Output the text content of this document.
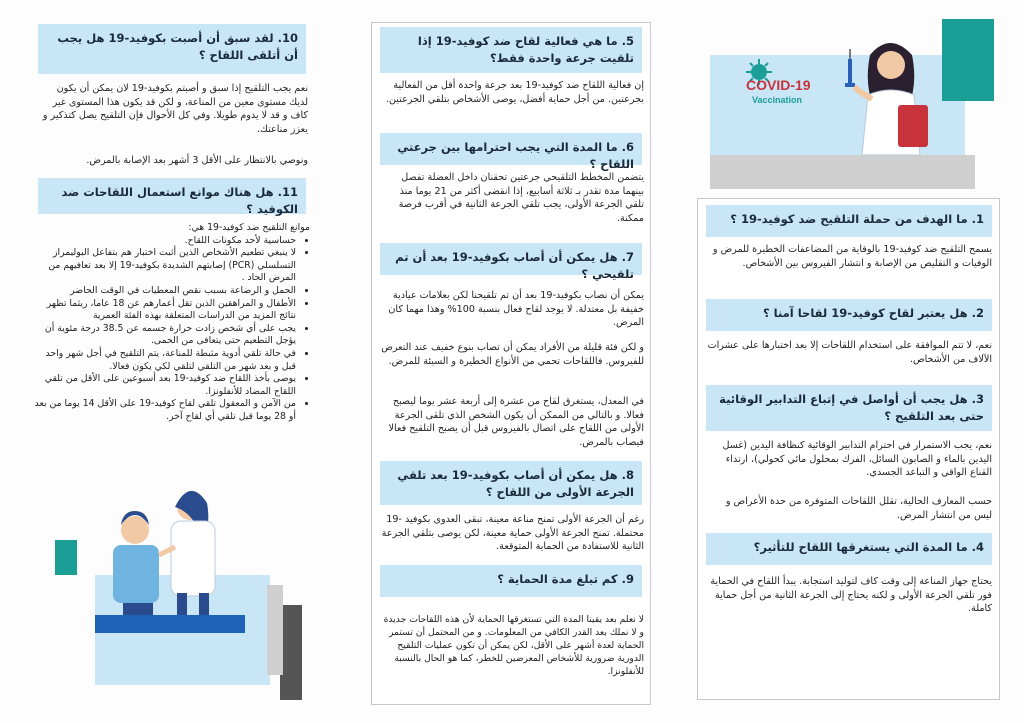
10. لقد سبق أن أصبت بكوفيد-19 هل يجب أن أتلقى اللقاح ؟
نعم يجب التلقيح إذا سبق و أصبتم بكوفيد-19 لان يمكن أن يكون لديك مستوى معين من المناعة، و لكن قد يكون هذا المستوى غير كاف و قد لا يدوم طويلا. وفي كل الأحوال فإن التلقيح يصل كتذكير و يعزز مناعتك.
ونوصي بالانتظار على الأقل 3 أشهر بعد الإصابة بالمرض.
11. هل هناك موانع استعمال اللقاحات ضد الكوفيد ؟
موانع التلقيح ضد كوفيد-19 هي:
• حساسية لأحد مكونات اللقاح.
• لا ينبغي تطعيم الأشخاص الذين أثبت اختبار هم بتفاعل البوليمراز التسلسلي (PCR) إصابتهم الشديدة بكوفيد-19 إلا بعد تعافيهم من المرض الحاد .
• الحمل و الرضاعة بسبب نقص المعطيات في الوقت الحاضر
• الأطفال و المراهقين الذين تقل أعمارهم عن 18 عاما، ريثما تظهر نتائج المزيد من الدراسات المتعلقة بهذه الفئة العمرية
• يجب على أي شخص زادت حرارة جسمه عن 38.5 درجة مئوية أن يؤجل التطعيم حتى يتعافى من الحمى.
• في حالة تلقي أدوية مثبطة للمناعة، يتم التلقيح في أجل شهر واحد قبل و بعد شهر من التلقي لتلقي لكي يكون فعالا.
• يوصى بأخذ اللقاح ضد كوفيد-19 بعد أسبوعين على الأقل من تلقي اللقاح المضاد للأنفلونزا.
• من الآمن و المعقول تلقي لقاح كوفيد-19 على الأقل 14 يوما من بعد أو 28 يوما قبل تلقي أي لقاح آخر.
5. ما هي فعالية لقاح ضد كوفيد-19 إذا تلقيت جرعة واحدة فقط؟
إن فعالية اللقاح ضد كوفيد-19 بعد جرعة واحدة أقل من الفعالية بجرعتين. من أجل حماية أفضل، يوصى الأشخاص بتلقي الجرعتين.
6. ما المدة التي يجب احترامها بين جرعتي اللقاح ؟
يتضمن المخطط التلقيحي جرعتين تحقنان داخل العضلة تفصل بينهما مدة تقدر بـ ثلاثة أسابيع، إذا انقضى أكثر من 21 يوما منذ تلقي الجرعة الأولى، يجب تلقي الجرعة الثانية في أقرب فرصة ممكنة.
7. هل يمكن أن أصاب بكوفيد-19 بعد أن تم تلقيحي ؟
يمكن أن نصاب بكوفيد-19 بعد أن تم تلقيحنا لكن بعلامات عيادية خفيفة بل معتدلة. لا يوجد لقاح فعال بنسبة 100% وهذا مهما كان المرض.
و لكن فئة قليلة من الأفراد يمكن أن تصاب بنوع خفيف عند التعرض للفيروس. فاللقاحات تحمي من الأنواع الخطيرة و السيئة للمرض.
في المعدل، يستغرق لقاح من عشرة إلى أربعة عشر يوما ليصبح فعالا. و بالتالي من الممكن أن يكون الشخص الذي تلقى الجرعة الأولى من اللقاح على اتصال بالفيروس قبل أن يصبح التلقيح فعالا فيصاب بالمرض.
8. هل يمكن أن أصاب بكوفيد-19 بعد تلقي الجرعة الأولى من اللقاح ؟
رغم أن الجرعة الأولى تمنح مناعة معينة، تبقى العدوى بكوفيد -19 محتملة. تمنح الجرعة الأولى حماية معينة، لكن يوصى بتلقي الجرعة الثانية للاستفادة من الحماية المتوقعة.
9. كم تبلغ مدة الحماية ؟
لا نعلم بعد يقينا المدة التي تستغرقها الحماية لأن هذه اللقاحات جديدة و لا نملك بعد القدر الكافي من المعلومات. و من المحتمل أن تستمر الحماية لعدة أشهر على الأقل، لكن يمكن أن تكون عمليات التلقيح الدورية ضرورية للأشخاص المعرضين للخطر، كما هو الحال بالنسبة للأنفلونزا.
COVID-19
Vaccination
1. ما الهدف من حملة التلقيح ضد كوفيد-19 ؟
يسمح التلقيح ضد كوفيد-19 بالوقاية من المضاعفات الخطيرة للمرض و الوفيات و التقليص من الإصابة و انتشار الفيروس بين الأشخاص.
2. هل يعتبر لقاح كوفيد-19 لقاحا آمنا ؟
نعم، لا تتم الموافقة على استخدام اللقاحات إلا بعد اختبارها على عشرات الآلاف من الأشخاص.
3. هل يجب أن أواصل في إتباع التدابير الوقائية حتى بعد التلقيح ؟
نعم، يجب الاستمرار في احترام التدابير الوقائية كنظافة اليدين (غسل اليدين بالماء و الصابون السائل، الفرك بمحلول مائي كحولي)، ارتداء القناع الواقي و التباعد الجسدي.
حسب المعارف الحالية، تقلل اللقاحات المتوفرة من حدة الأعراض و ليس من انتشار المرض.
4. ما المدة التي يستغرقها اللقاح للتأثير؟
يحتاج جهاز المناعة إلى وقت كاف لتوليد استجابة. يبدأ اللقاح في الحماية فور تلقي الجرعة الأولى و لكنه يحتاج إلى الجرعة الثانية من أجل حماية كاملة.
